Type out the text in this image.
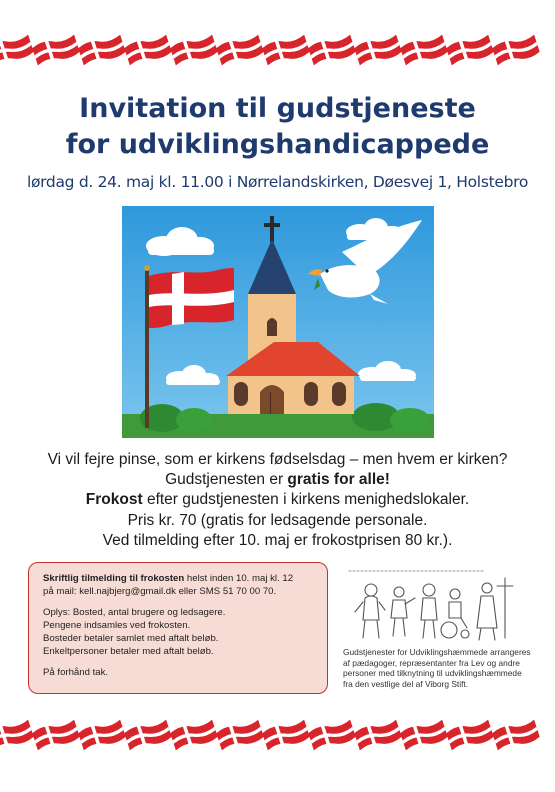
Invitation til gudstjeneste
for udviklingshandicappede
lørdag d. 24. maj kl. 11.00 i Nørrelandskirken, Døesvej 1, Holstebro
Vi vil fejre pinse, som er kirkens fødselsdag – men hvem er kirken?
Gudstjenesten er gratis for alle!
Frokost efter gudstjenesten i kirkens menighedslokaler.
Pris kr. 70 (gratis for ledsagende personale.
Ved tilmelding efter 10. maj er frokostprisen 80 kr.).

Skriftlig tilmelding til frokosten helst inden 10. maj kl. 12

på mail: kell.najbjerg@gmail.dk eller SMS 51 70 00 70.

Oplys: Bosted, antal brugere og ledsagere.

Pengene indsamles ved frokosten.

Bosteder betaler samlet med aftalt beløb.

Enkeltpersoner betaler med aftalt beløb.

På forhånd tak.

Gudstjenester for Udviklingshæmmede arrangeres
af pædagoger, repræsentanter fra Lev og andre
personer med tilknytning til udviklingshæmmede
fra den vestlige del af Viborg Stift.
